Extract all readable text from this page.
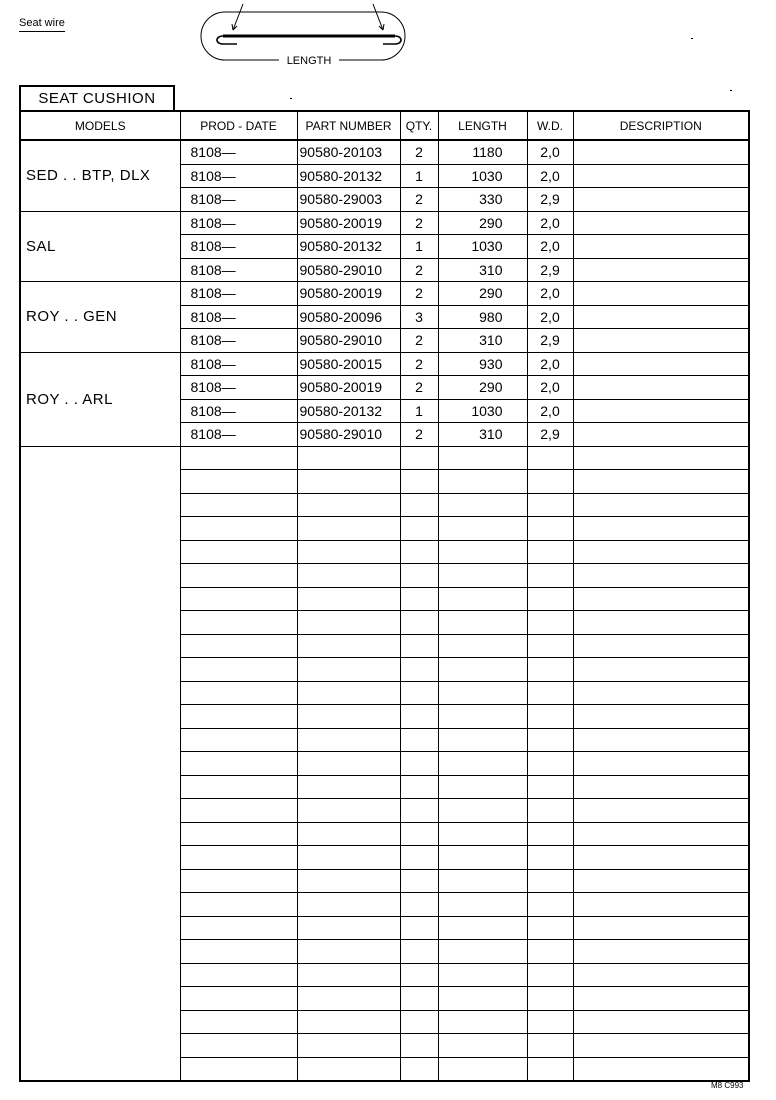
Seat wire
LENGTH
SEAT CUSHION
MODELS	PROD - DATE	PART NUMBER	QTY.	LENGTH	W.D.	DESCRIPTION
SED . . BTP, DLX	8108—	90580-20103	2	1180	2,0	
	8108—	90580-20132	1	1030	2,0	
	8108—	90580-29003	2	330	2,9	
SAL	8108—	90580-20019	2	290	2,0	
	8108—	90580-20132	1	1030	2,0	
	8108—	90580-29010	2	310	2,9	
ROY . . GEN	8108—	90580-20019	2	290	2,0	
	8108—	90580-20096	3	980	2,0	
	8108—	90580-29010	2	310	2,9	
ROY . . ARL	8108—	90580-20015	2	930	2,0	
	8108—	90580-20019	2	290	2,0	
	8108—	90580-20132	1	1030	2,0	
	8108—	90580-29010	2	310	2,9	

M8 C993
